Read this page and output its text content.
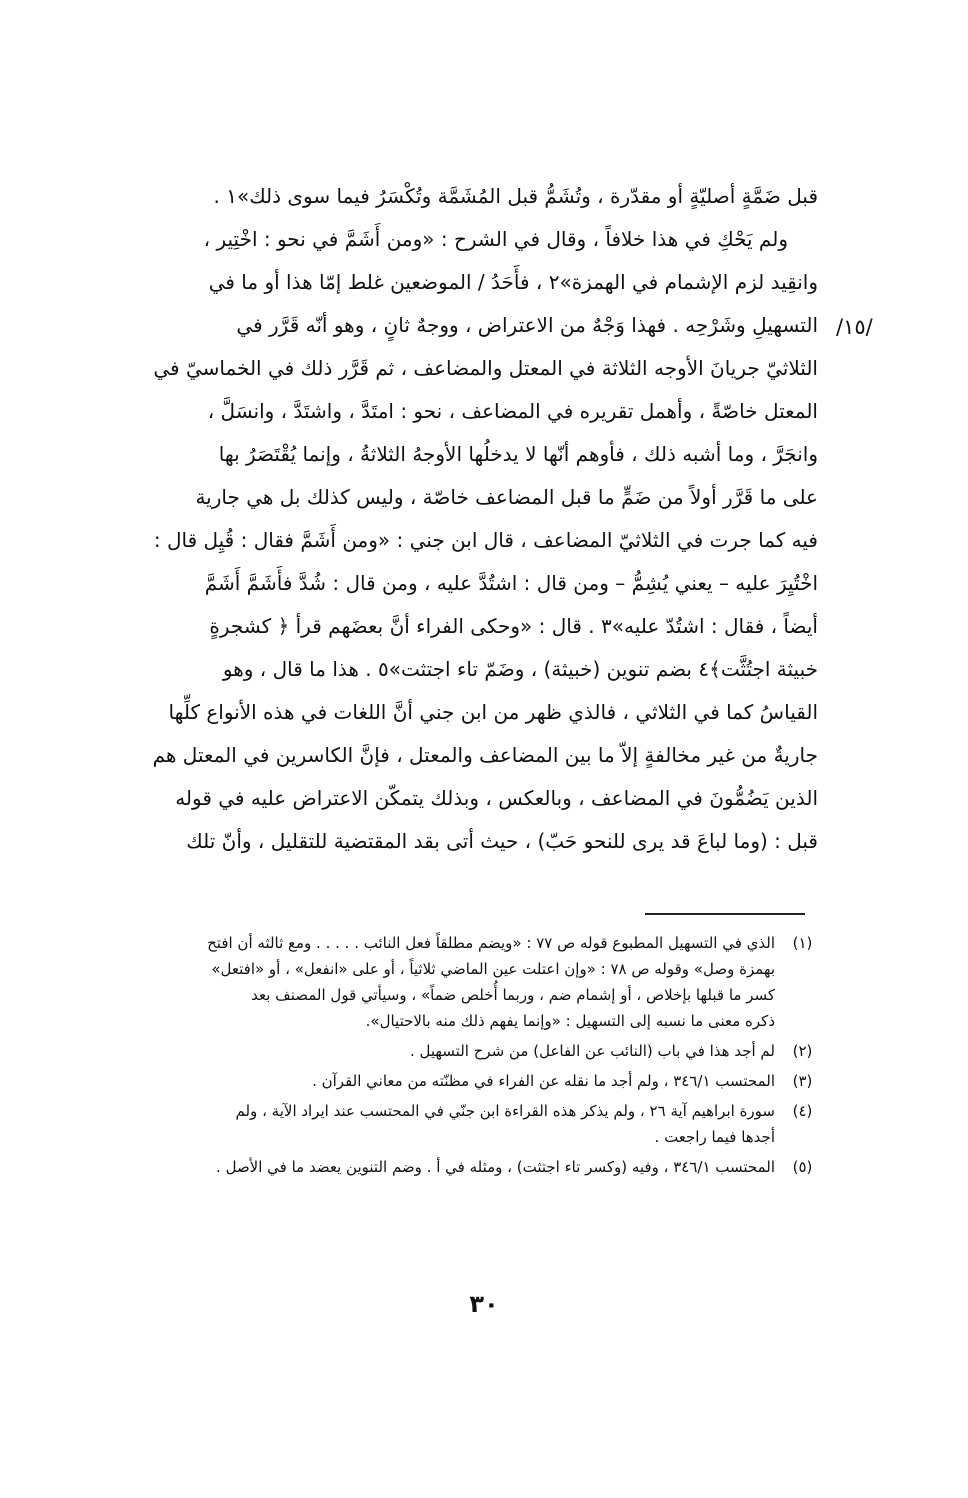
قبل ضَمَّةٍ أصليّةٍ أو مقدّرة ، وتُشَمُّ قبل المُشَمَّة وتُكْسَرُ فيما سوى ذلك»١ .
ولم يَحْكِ في هذا خلافاً ، وقال في الشرح : «ومن أَشَمَّ في نحو : اخْتِير ،
وانقِيد لزم الإشمام في الهمزة»٢ ، فأَحَدُ / الموضعين غلط إمّا هذا أو ما في
التسهيلِ وشَرْحِه . فهذا وَجْهٌ من الاعتراض ، ووجهٌ ثانٍ ، وهو أنّه قَرَّر في
الثلاثيّ جريانَ الأوجه الثلاثة في المعتل والمضاعف ، ثم قَرَّر ذلك في الخماسيّ في
المعتل خاصّةً ، وأهمل تقريره في المضاعف ، نحو : امتَدَّ ، واشتَدَّ ، وانسَلَّ ،
وانجَرَّ ، وما أشبه ذلك ، فأوهم أنّها لا يدخلُها الأوجهُ الثلاثةُ ، وإنما يُقْتَصَرُ بها
على ما قَرَّر أولاً من ضَمٍّ ما قبل المضاعف خاصّة ، وليس كذلك بل هي جارية
فيه كما جرت في الثلاثيّ المضاعف ، قال ابن جني : «ومن أَشَمَّ فقال : قُيِل قال :
اخْتُيِرَ عليه – يعني يُشِمُّ – ومن قال : اشتُدَّ عليه ، ومن قال : شُدَّ فأَشَمَّ أَشَمَّ
أيضاً ، فقال : اشتُدّ عليه»٣ . قال : «وحكى الفراء أنَّ بعضَهم قرأ ﴿ كشجرةٍ
خبيثة اجتُثَّت﴾٤ بضم تنوين (خبيثة) ، وضَمّ تاء اجتثت»٥ . هذا ما قال ، وهو
القياسُ كما في الثلاثي ، فالذي ظهر من ابن جني أنَّ اللغات في هذه الأنواع كلِّها
جاريةٌ من غير مخالفةٍ إلاّ ما بين المضاعف والمعتل ، فإنَّ الكاسرين في المعتل هم
الذين يَضُمُّونَ في المضاعف ، وبالعكس ، وبذلك يتمكّن الاعتراض عليه في قوله
قبل : (وما لباعَ قد يرى للنحو حَبّ) ، حيث أتى بقد المقتضية للتقليل ، وأنّ تلك
/١٥/
(١)
الذي في التسهيل المطبوع قوله ص ٧٧ : «ويضم مطلقاً فعل النائب . . . . . ومع ثالثه أن افتح
بهمزة وصل» وقوله ص ٧٨ : «وإن اعتلت عين الماضي ثلاثياً ، أو على «انفعل» ، أو «افتعل»
كسر ما قبلها بإخلاص ، أو إشمام ضم ، وربما أُخلص ضماً» ، وسيأتي قول المصنف بعد
ذكره معنى ما نسبه إلى التسهيل : «وإنما يفهم ذلك منه بالاحتيال».
(٢)
لم أجد هذا في باب (النائب عن الفاعل) من شرح التسهيل .
(٣)
المحتسب ٣٤٦/١ ، ولم أجد ما نقله عن الفراء في مظنّته من معاني القرآن .
(٤)
سورة ابراهيم آية ٢٦ ، ولم يذكر هذه القراءة ابن جنّي في المحتسب عند ايراد الآية ، ولم
أجدها فيما راجعت .
(٥)
المحتسب ٣٤٦/١ ، وفيه (وكسر تاء اجتثت) ، ومثله في أ . وضم التنوين يعضد ما في الأصل .
٣٠
